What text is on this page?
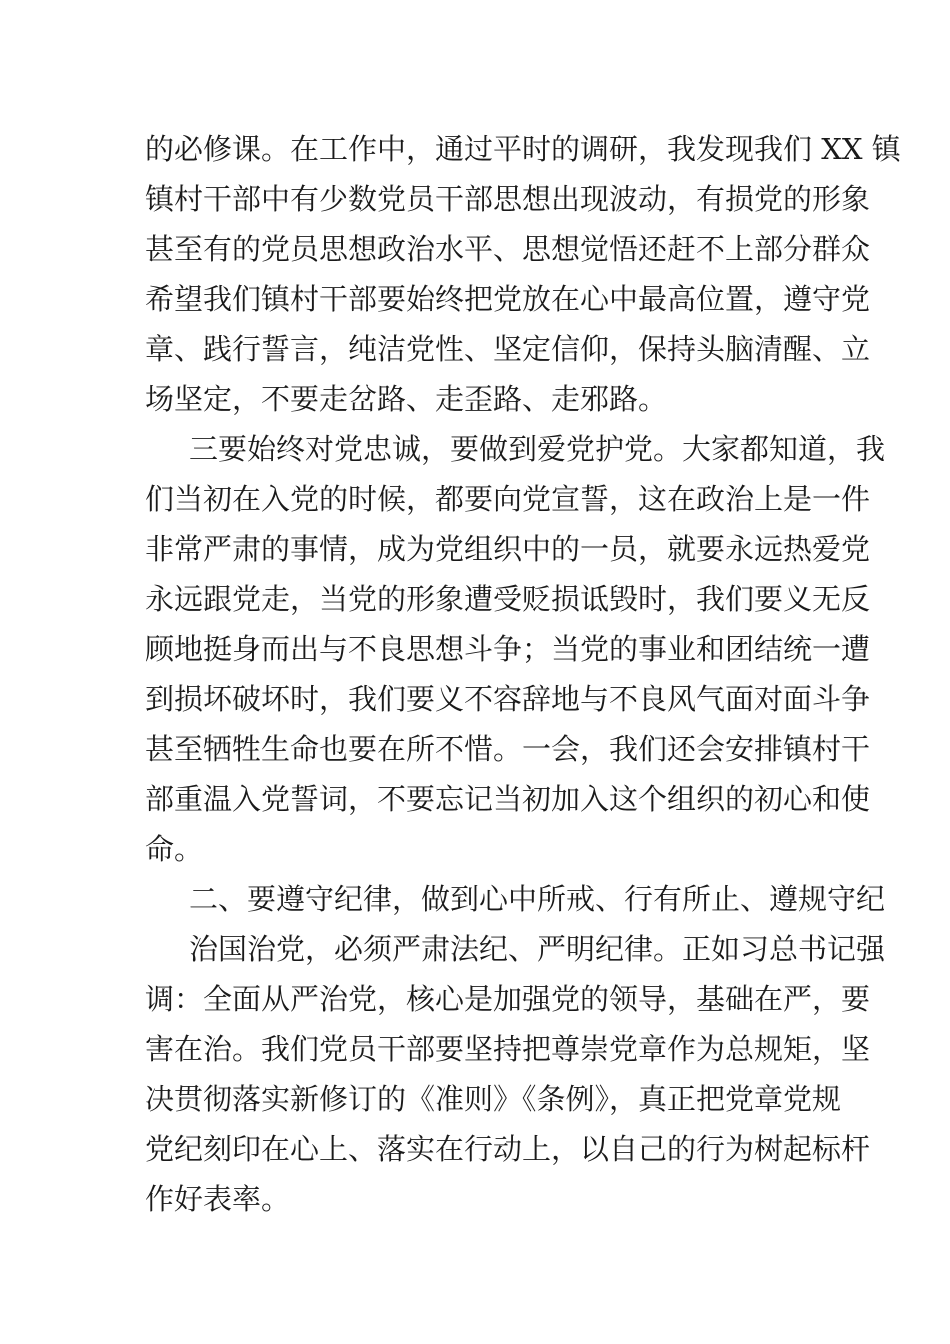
的必修课。在工作中，通过平时的调研，我发现我们 XX 镇
镇村干部中有少数党员干部思想出现波动，有损党的形象
甚至有的党员思想政治水平、思想觉悟还赶不上部分群众
希望我们镇村干部要始终把党放在心中最高位置，遵守党
章、践行誓言，纯洁党性、坚定信仰，保持头脑清醒、立
场坚定，不要走岔路、走歪路、走邪路。
三要始终对党忠诚，要做到爱党护党。大家都知道，我
们当初在入党的时候，都要向党宣誓，这在政治上是一件
非常严肃的事情，成为党组织中的一员，就要永远热爱党
永远跟党走，当党的形象遭受贬损诋毁时，我们要义无反
顾地挺身而出与不良思想斗争；当党的事业和团结统一遭
到损坏破坏时，我们要义不容辞地与不良风气面对面斗争
甚至牺牲生命也要在所不惜。一会，我们还会安排镇村干
部重温入党誓词，不要忘记当初加入这个组织的初心和使
命。
二、要遵守纪律，做到心中所戒、行有所止、遵规守纪
治国治党，必须严肃法纪、严明纪律。正如习总书记强
调：全面从严治党，核心是加强党的领导，基础在严，要
害在治。我们党员干部要坚持把尊崇党章作为总规矩，坚
决贯彻落实新修订的《准则》《条例》，真正把党章党规
党纪刻印在心上、落实在行动上，以自己的行为树起标杆
作好表率。
